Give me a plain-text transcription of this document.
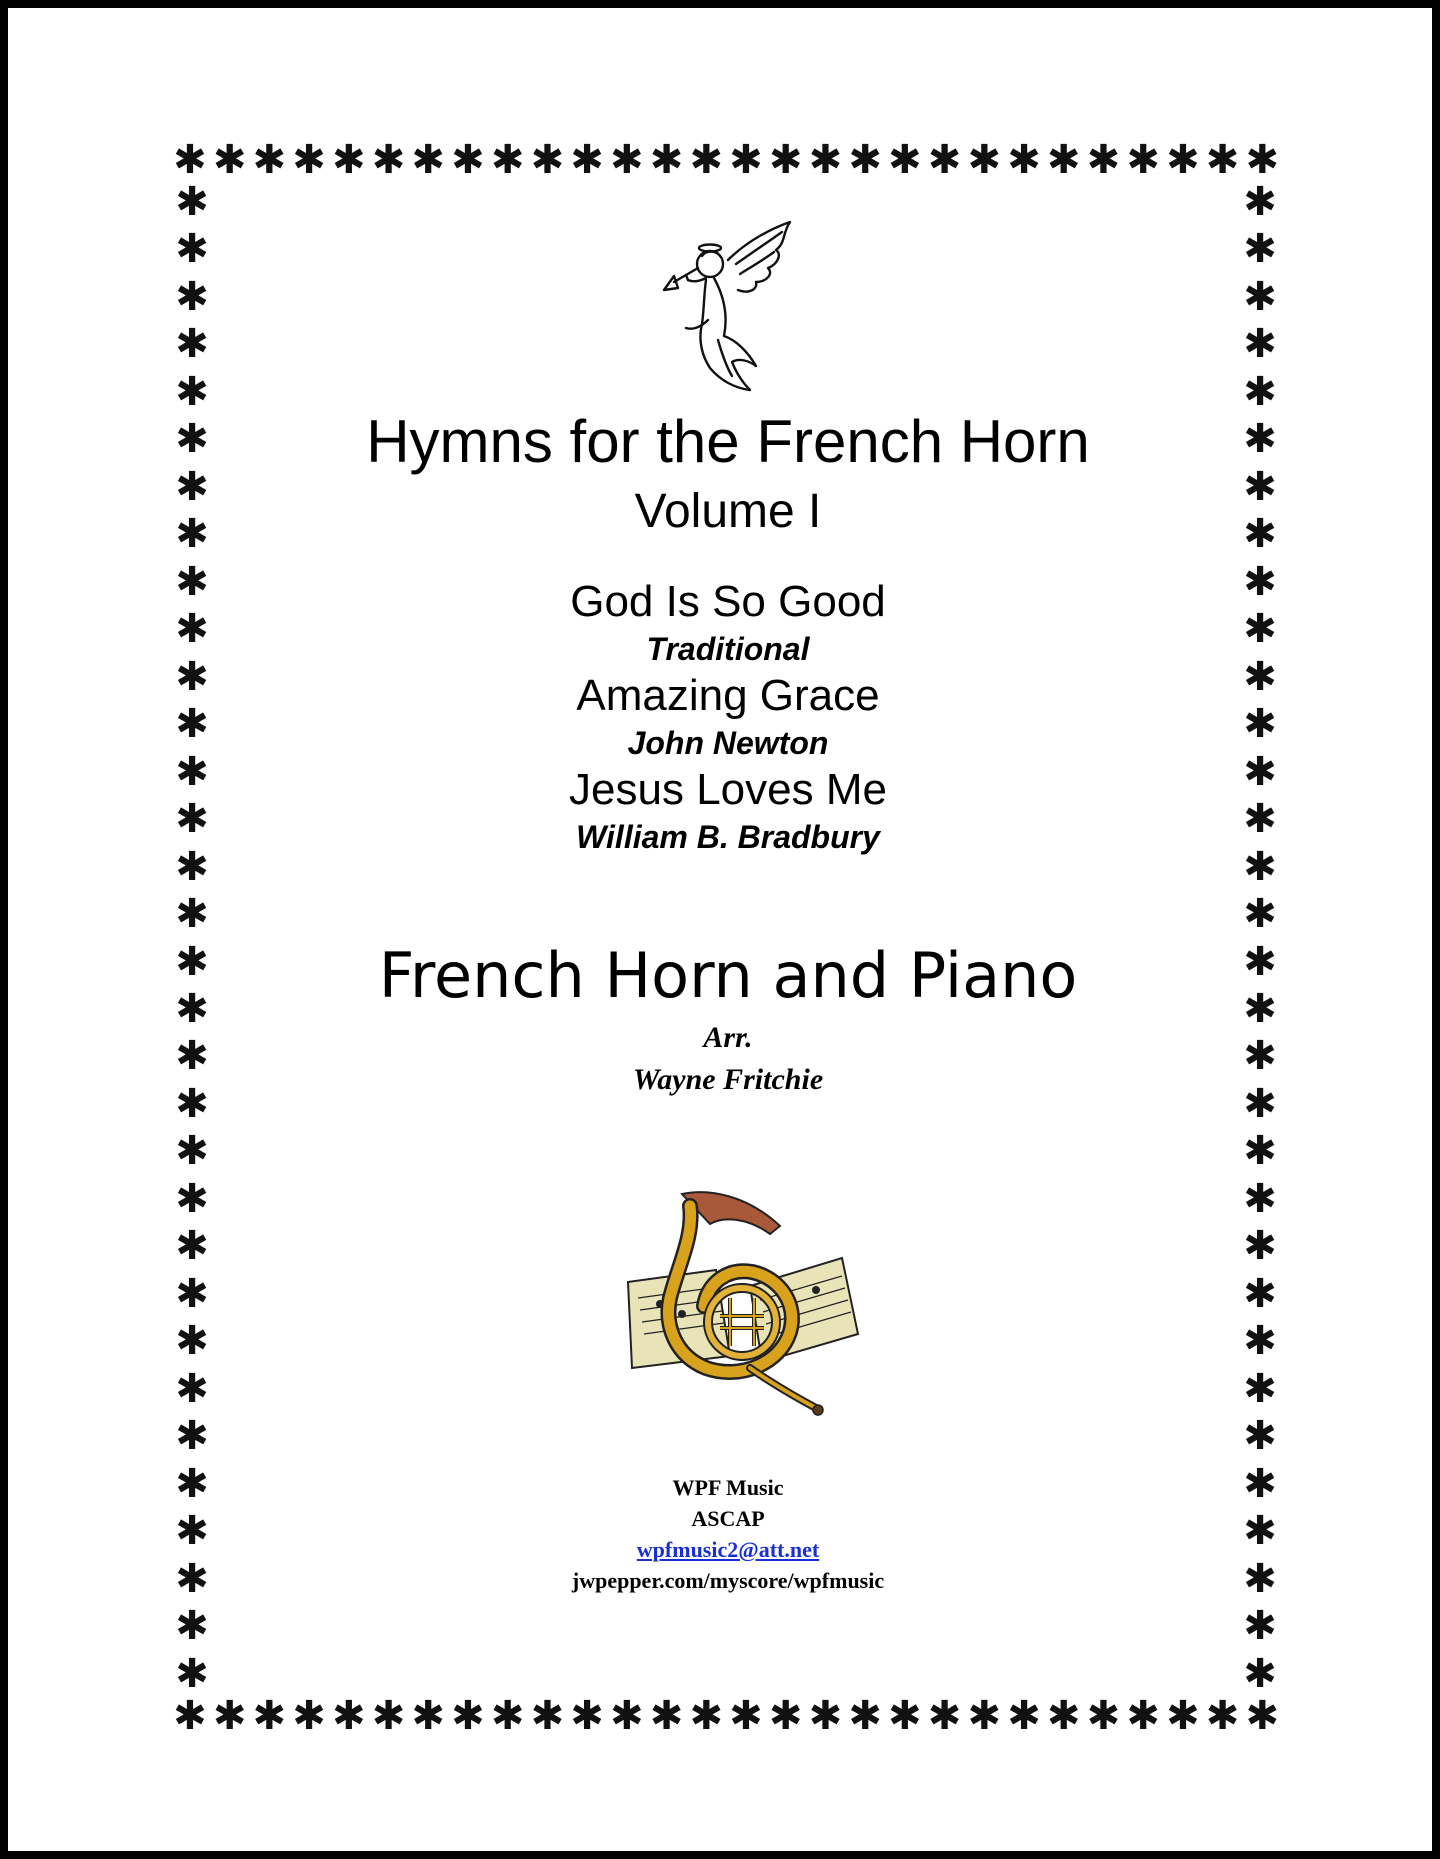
✱ ✱ ✱ ✱ ✱ ✱ ✱ ✱ ✱ ✱ ✱ ✱ ✱ ✱ ✱ ✱ ✱ ✱ ✱ ✱ ✱ ✱ ✱ ✱ ✱ ✱ ✱ ✱
✱ ✱ ✱ ✱ ✱ ✱ ✱ ✱ ✱ ✱ ✱ ✱ ✱ ✱ ✱ ✱ ✱ ✱ ✱ ✱ ✱ ✱ ✱ ✱ ✱ ✱ ✱ ✱
✱
✱
✱
✱
✱
✱
✱
✱
✱
✱
✱
✱
✱
✱
✱
✱
✱
✱
✱
✱
✱
✱
✱
✱
✱
✱
✱
✱
✱
✱
✱
✱
✱
✱
✱
✱
✱
✱
✱
✱
✱
✱
✱
✱
✱
✱
✱
✱
✱
✱
✱
✱
✱
✱
✱
✱
✱
✱
✱
✱
✱
✱
✱
✱
Hymns for the French Horn
Volume I
God Is So Good
Traditional
Amazing Grace
John Newton
Jesus Loves Me
William B. Bradbury
French Horn and Piano
Arr.
Wayne Fritchie
WPF Music
ASCAP
wpfmusic2@att.net
jwpepper.com/myscore/wpfmusic
